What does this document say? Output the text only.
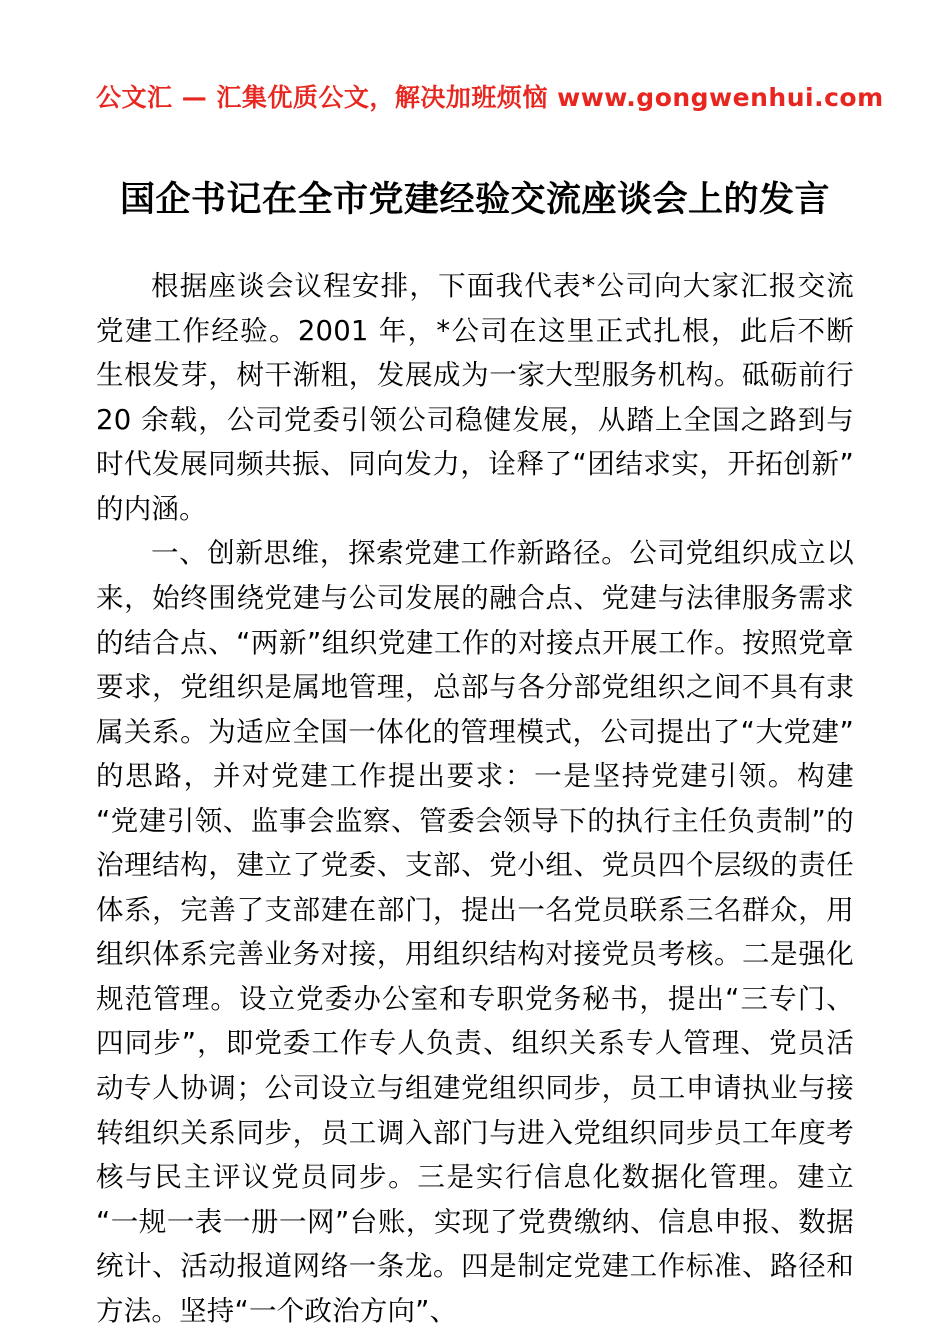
公文汇 — 汇集优质公文，解决加班烦恼 www.gongwenhui.com
国企书记在全市党建经验交流座谈会上的发言

根据座谈会议程安排，下面我代表*公司向大家汇报交流党建工作经验。2001 年，*公司在这里正式扎根，此后不断生根发芽，树干渐粗，发展成为一家大型服务机构。砥砺前行 20 余载，公司党委引领公司稳健发展，从踏上全国之路到与时代发展同频共振、同向发力，诠释了“团结求实，开拓创新”的内涵。

一、创新思维，探索党建工作新路径。公司党组织成立以来，始终围绕党建与公司发展的融合点、党建与法律服务需求的结合点、“两新”组织党建工作的对接点开展工作。按照党章要求，党组织是属地管理，总部与各分部党组织之间不具有隶属关系。为适应全国一体化的管理模式，公司提出了“大党建”的思路，并对党建工作提出要求：一是坚持党建引领。构建“党建引领、监事会监察、管委会领导下的执行主任负责制”的治理结构，建立了党委、支部、党小组、党员四个层级的责任体系，完善了支部建在部门，提出一名党员联系三名群众，用组织体系完善业务对接，用组织结构对接党员考核。二是强化规范管理。设立党委办公室和专职党务秘书，提出“三专门、四同步”，即党委工作专人负责、组织关系专人管理、党员活动专人协调；公司设立与组建党组织同步，员工申请执业与接转组织关系同步，员工调入部门与进入党组织同步员工年度考核与民主评议党员同步。三是实行信息化数据化管理。建立“一规一表一册一网”台账，实现了党费缴纳、信息申报、数据统计、活动报道网络一条龙。四是制定党建工作标准、路径和方法。坚持“一个政治方向”、
